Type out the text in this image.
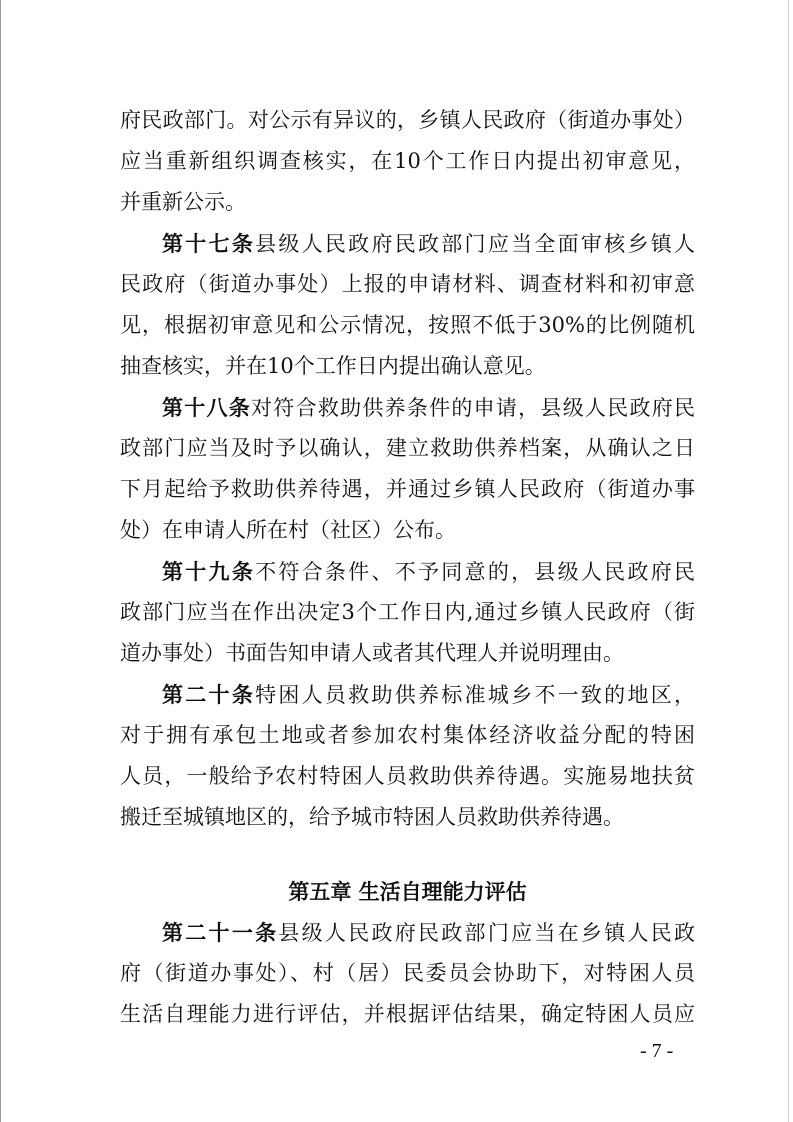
府民政部门。对公示有异议的，乡镇人民政府（街道办事处）
应当重新组织调查核实，在10个工作日内提出初审意见，
并重新公示。
第十七条县级人民政府民政部门应当全面审核乡镇人
民政府（街道办事处）上报的申请材料、调查材料和初审意
见，根据初审意见和公示情况，按照不低于30%的比例随机
抽查核实，并在10个工作日内提出确认意见。
第十八条对符合救助供养条件的申请，县级人民政府民
政部门应当及时予以确认，建立救助供养档案，从确认之日
下月起给予救助供养待遇，并通过乡镇人民政府（街道办事
处）在申请人所在村（社区）公布。
第十九条不符合条件、不予同意的，县级人民政府民
政部门应当在作出决定3个工作日内,通过乡镇人民政府（街
道办事处）书面告知申请人或者其代理人并说明理由。
第二十条特困人员救助供养标准城乡不一致的地区，
对于拥有承包土地或者参加农村集体经济收益分配的特困
人员，一般给予农村特困人员救助供养待遇。实施易地扶贫
搬迁至城镇地区的，给予城市特困人员救助供养待遇。
第五章 生活自理能力评估
第二十一条县级人民政府民政部门应当在乡镇人民政
府（街道办事处）、村（居）民委员会协助下，对特困人员
生活自理能力进行评估，并根据评估结果，确定特困人员应
- 7 -
